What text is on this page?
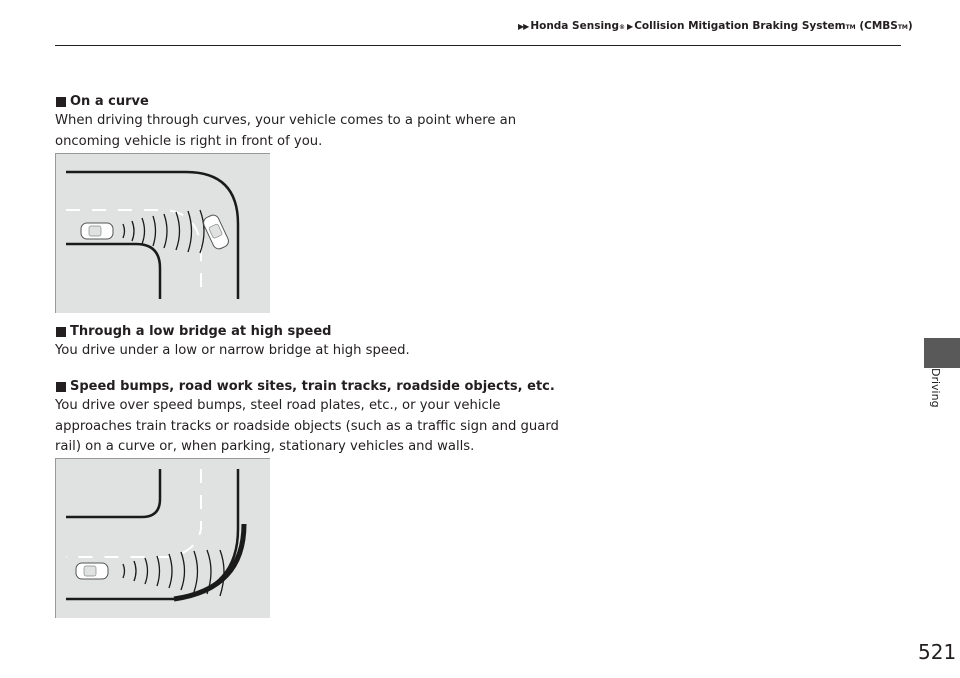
▶▶ Honda Sensing ® ▶ Collision Mitigation Braking System TM
(CMBS TM )
On a curve
When driving through curves, your vehicle comes to a point where an oncoming vehicle is right in front of you.
Through a low bridge at high speed
You drive under a low or narrow bridge at high speed.
Speed bumps, road work sites, train tracks, roadside objects, etc.
You drive over speed bumps, steel road plates, etc., or your vehicle approaches train tracks or roadside objects (such as a traffic sign and guard rail) on a curve or, when parking, stationary vehicles and walls.
Driving
521
